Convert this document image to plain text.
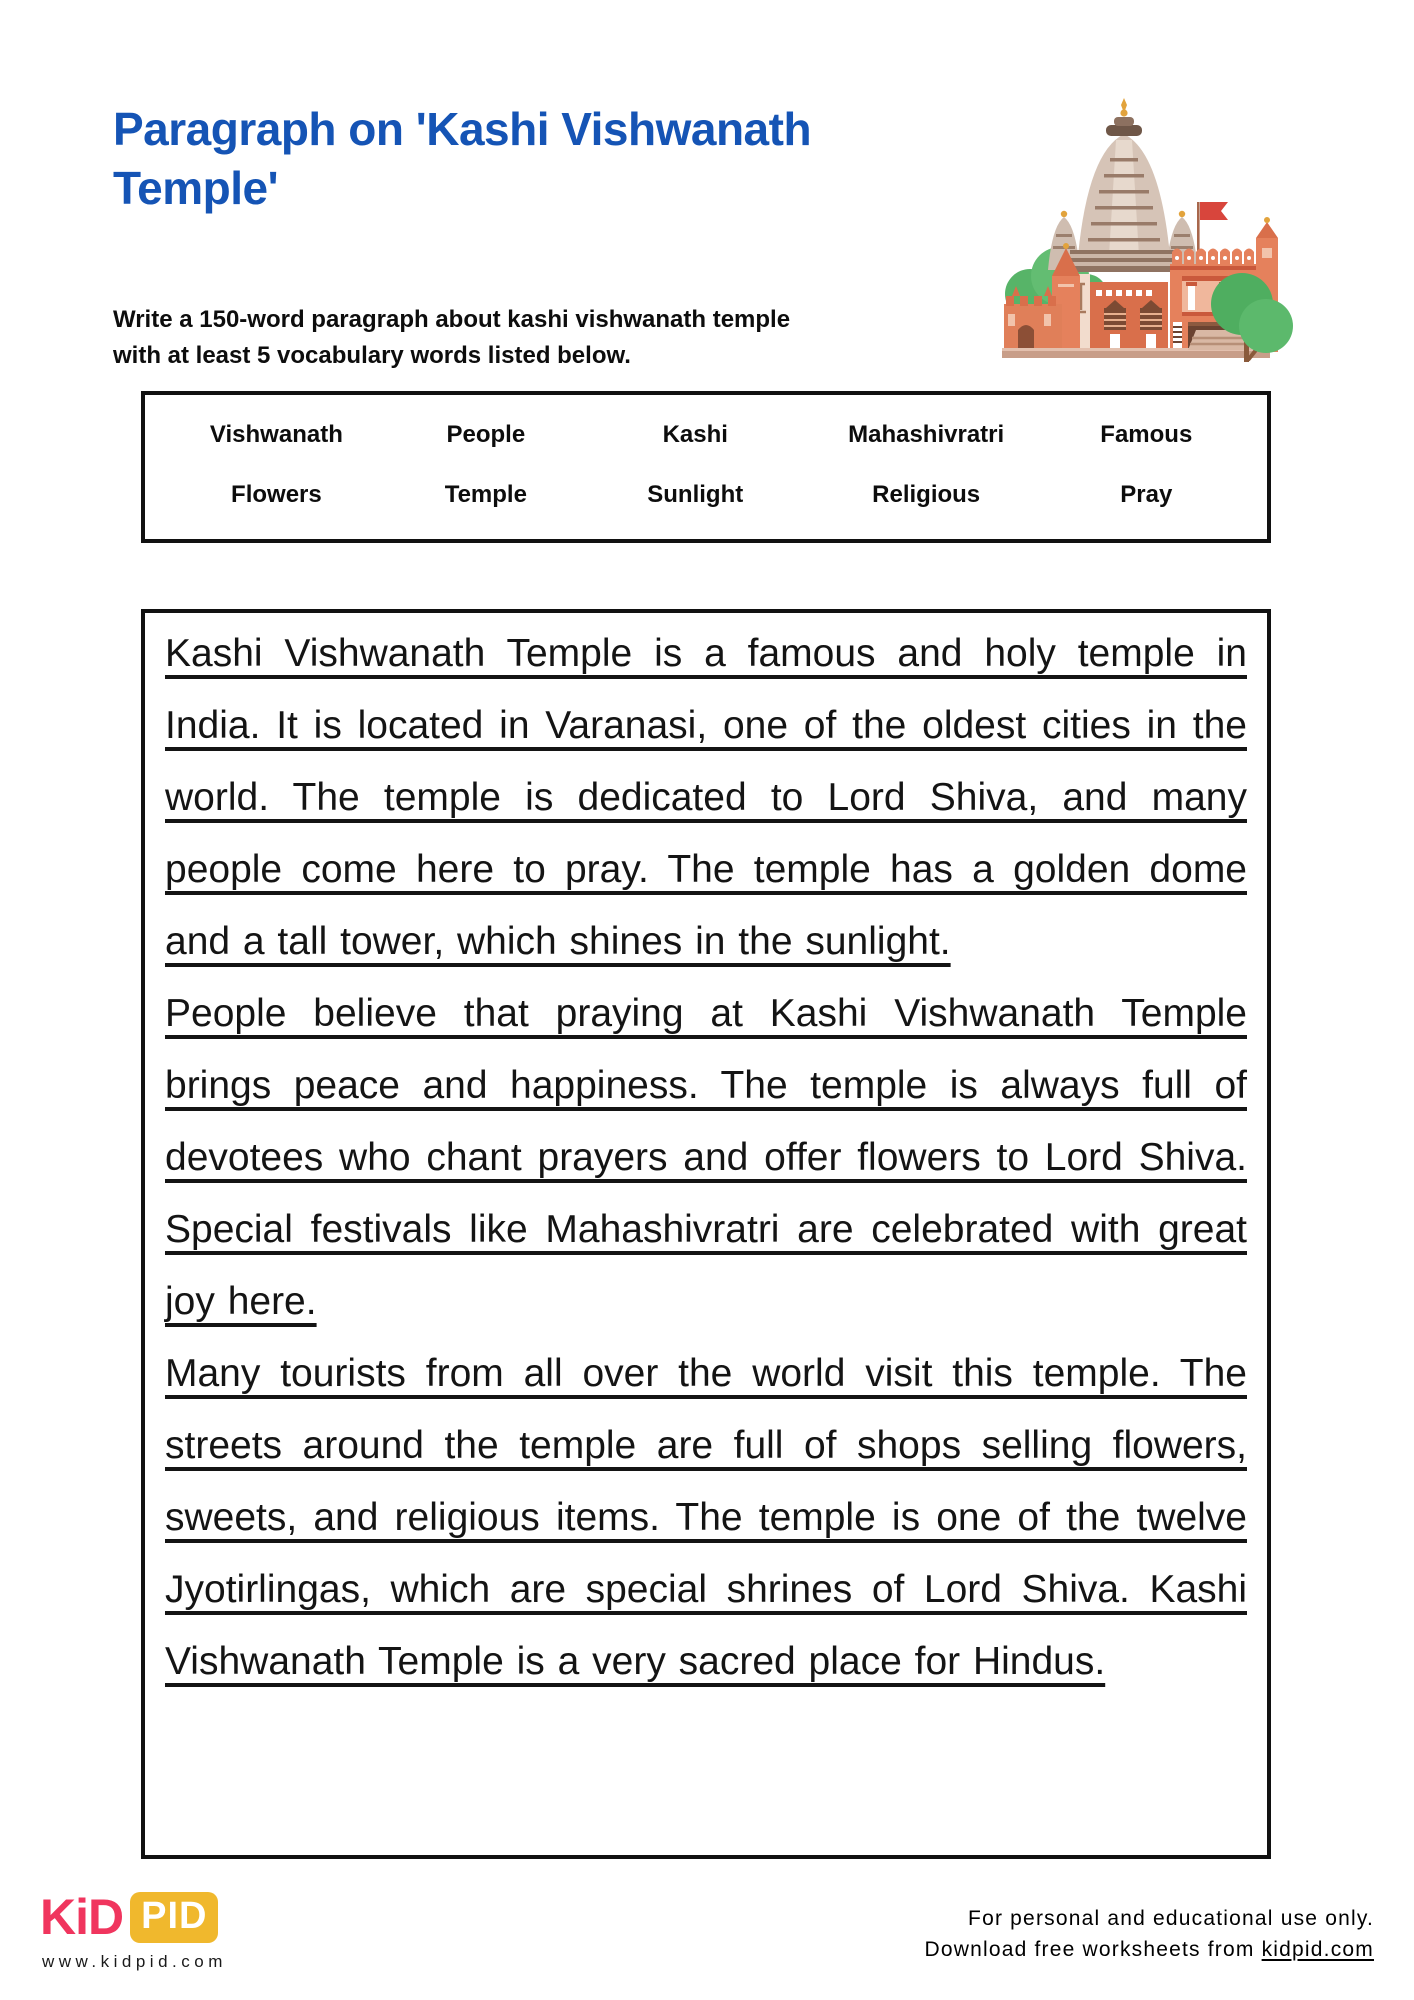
Paragraph on 'Kashi Vishwanath Temple'
Write a 150-word paragraph about kashi vishwanath temple with at least 5 vocabulary words listed below.
Vishwanath	People	Kashi	Mahashivratri	Famous
Flowers	Temple	Sunlight	Religious	Pray

Kashi Vishwanath Temple is a famous and holy temple in India. It is located in Varanasi, one of the oldest cities in the world. The temple is dedicated to Lord Shiva, and many people come here to pray. The temple has a golden dome and a tall tower, which shines in the sunlight.

People believe that praying at Kashi Vishwanath Temple brings peace and happiness. The temple is always full of devotees who chant prayers and offer flowers to Lord Shiva. Special festivals like Mahashivratri are celebrated with great joy here.

Many tourists from all over the world visit this temple. The streets around the temple are full of shops selling flowers, sweets, and religious items. The temple is one of the twelve Jyotirlingas, which are special shrines of Lord Shiva. Kashi Vishwanath Temple is a very sacred place for Hindus.

KiD PID
www.kidpid.com
For personal and educational use only.
Download free worksheets from kidpid.com
